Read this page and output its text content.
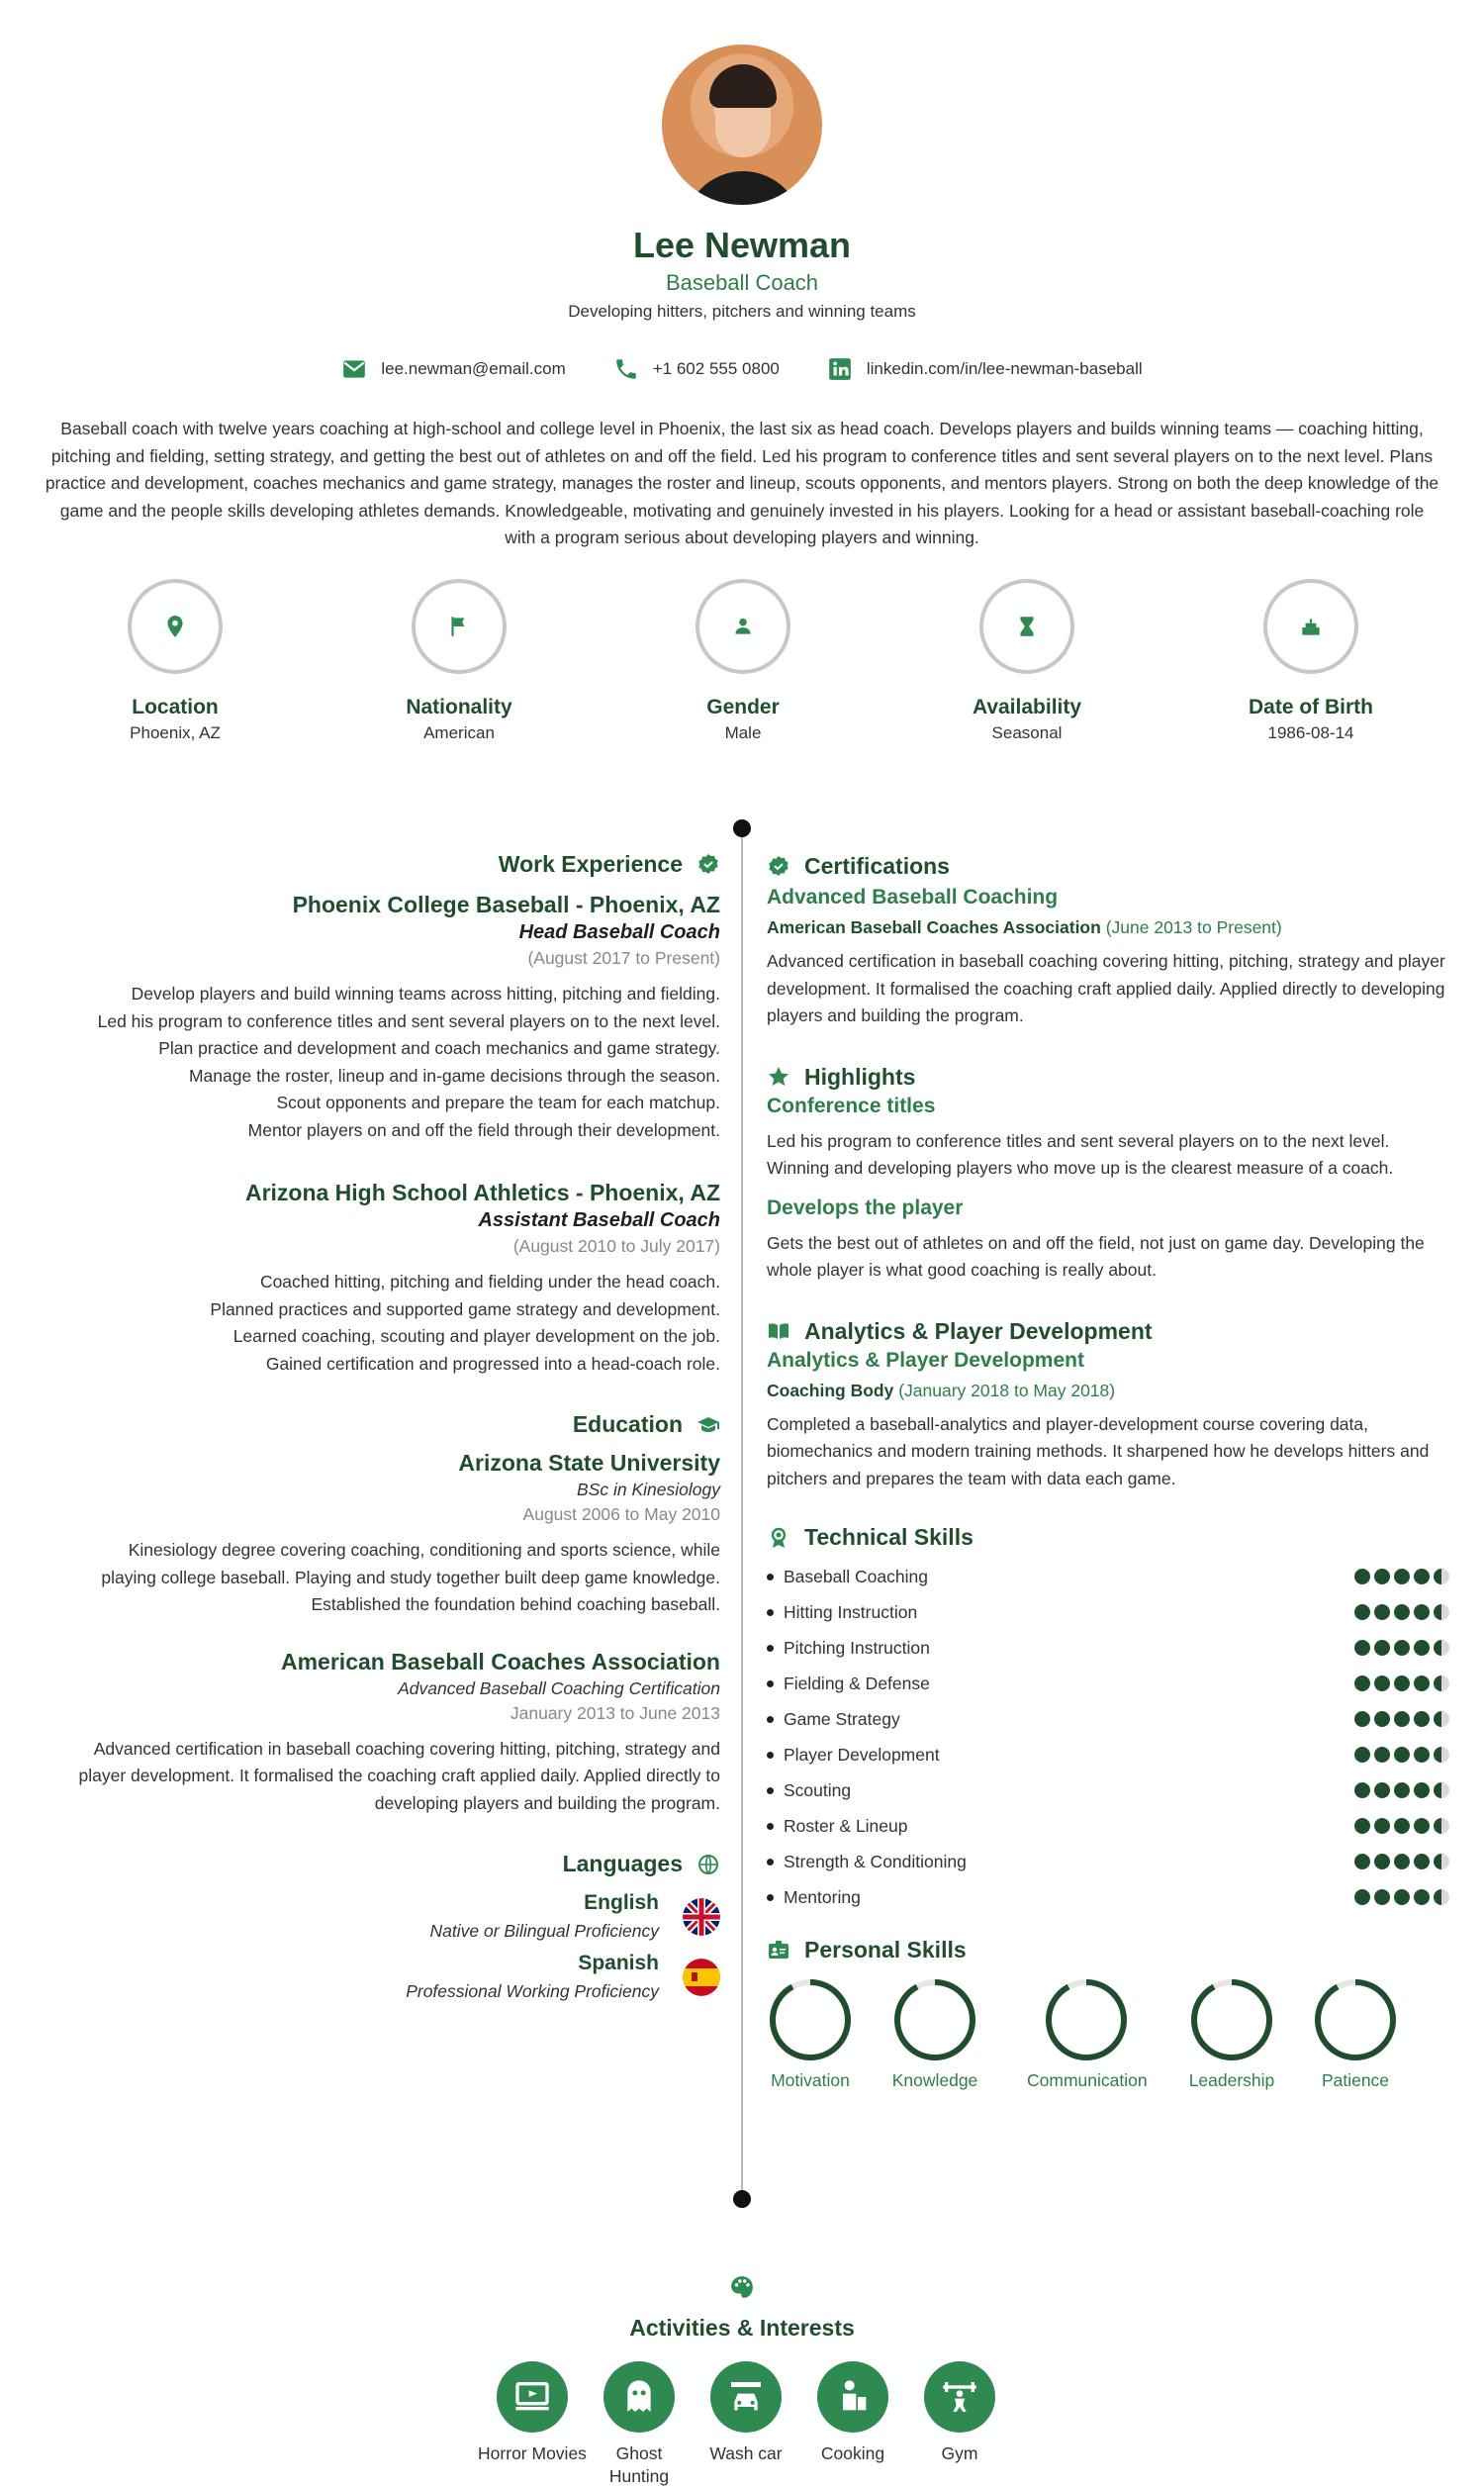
Lee Newman
Baseball Coach
Developing hitters, pitchers and winning teams
lee.newman@email.com	+1 602 555 0800	linkedin.com/in/lee-newman-baseball
Baseball coach with twelve years coaching at high-school and college level in Phoenix, the last six as head coach. Develops players and builds winning teams — coaching hitting, pitching and fielding, setting strategy, and getting the best out of athletes on and off the field. Led his program to conference titles and sent several players on to the next level. Plans practice and development, coaches mechanics and game strategy, manages the roster and lineup, scouts opponents, and mentors players. Strong on both the deep knowledge of the game and the people skills developing athletes demands. Knowledgeable, motivating and genuinely invested in his players. Looking for a head or assistant baseball-coaching role with a program serious about developing players and winning.
Location
Phoenix, AZ
Nationality
American
Gender
Male
Availability
Seasonal
Date of Birth
1986-08-14
Work Experience
Phoenix College Baseball - Phoenix, AZ
Head Baseball Coach
(August 2017 to Present)
Develop players and build winning teams across hitting, pitching and fielding.
Led his program to conference titles and sent several players on to the next level.
Plan practice and development and coach mechanics and game strategy.
Manage the roster, lineup and in-game decisions through the season.
Scout opponents and prepare the team for each matchup.
Mentor players on and off the field through their development.
Arizona High School Athletics - Phoenix, AZ
Assistant Baseball Coach
(August 2010 to July 2017)
Coached hitting, pitching and fielding under the head coach.
Planned practices and supported game strategy and development.
Learned coaching, scouting and player development on the job.
Gained certification and progressed into a head-coach role.
Education
Arizona State University
BSc in Kinesiology
August 2006 to May 2010
Kinesiology degree covering coaching, conditioning and sports science, while
playing college baseball. Playing and study together built deep game knowledge.
Established the foundation behind coaching baseball.
American Baseball Coaches Association
Advanced Baseball Coaching Certification
January 2013 to June 2013
Advanced certification in baseball coaching covering hitting, pitching, strategy and
player development. It formalised the coaching craft applied daily. Applied directly to
developing players and building the program.
Languages
English
Native or Bilingual Proficiency
Spanish
Professional Working Proficiency
Certifications
Advanced Baseball Coaching
American Baseball Coaches Association (June 2013 to Present)
Advanced certification in baseball coaching covering hitting, pitching, strategy and player development. It formalised the coaching craft applied daily. Applied directly to developing players and building the program.
Highlights
Conference titles
Led his program to conference titles and sent several players on to the next level. Winning and developing players who move up is the clearest measure of a coach.
Develops the player
Gets the best out of athletes on and off the field, not just on game day. Developing the whole player is what good coaching is really about.
Analytics & Player Development
Analytics & Player Development
Coaching Body (January 2018 to May 2018)
Completed a baseball-analytics and player-development course covering data, biomechanics and modern training methods. It sharpened how he develops hitters and pitchers and prepares the team with data each game.
Technical Skills
Baseball Coaching
Hitting Instruction
Pitching Instruction
Fielding & Defense
Game Strategy
Player Development
Scouting
Roster & Lineup
Strength & Conditioning
Mentoring
Personal Skills
Motivation	Knowledge	Communication	Leadership	Patience
Activities & Interests
Horror Movies	Ghost Hunting
Wash car	Cooking	Gym
